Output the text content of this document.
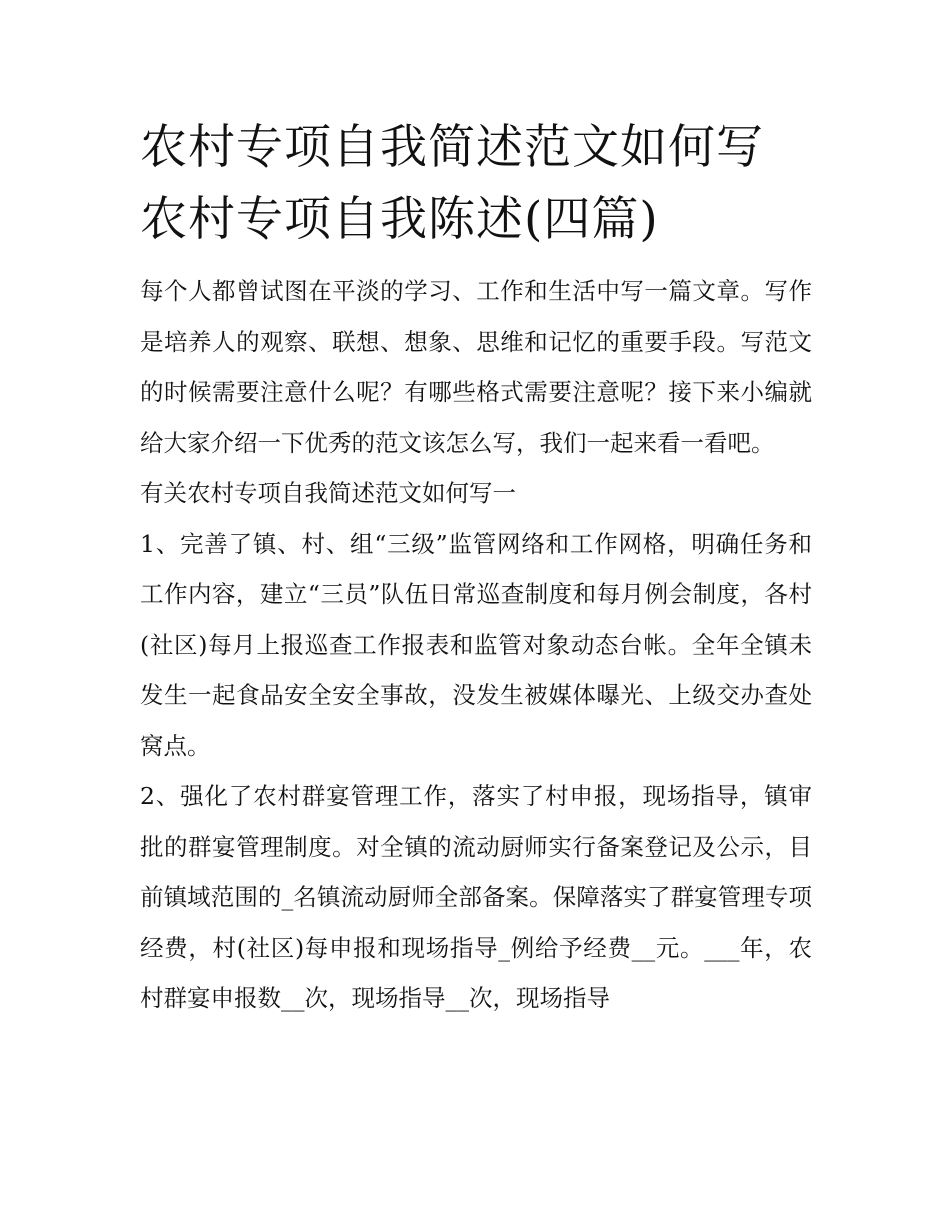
农村专项自我简述范文如何写
农村专项自我陈述(四篇)

每个人都曾试图在平淡的学习、工作和生活中写一篇文章。写作是培养人的观察、联想、想象、思维和记忆的重要手段。写范文的时候需要注意什么呢？有哪些格式需要注意呢？接下来小编就给大家介绍一下优秀的范文该怎么写，我们一起来看一看吧。

有关农村专项自我简述范文如何写一

1、完善了镇、村、组“三级”监管网络和工作网格，明确任务和工作内容，建立“三员”队伍日常巡查制度和每月例会制度，各村(社区)每月上报巡查工作报表和监管对象动态台帐。全年全镇未发生一起食品安全安全事故，没发生被媒体曝光、上级交办查处窝点。

2、强化了农村群宴管理工作，落实了村申报，现场指导，镇审批的群宴管理制度。对全镇的流动厨师实行备案登记及公示，目前镇域范围的_名镇流动厨师全部备案。保障落实了群宴管理专项经费，村(社区)每申报和现场指导_例给予经费__元。___年，农村群宴申报数__次，现场指导__次，现场指导
